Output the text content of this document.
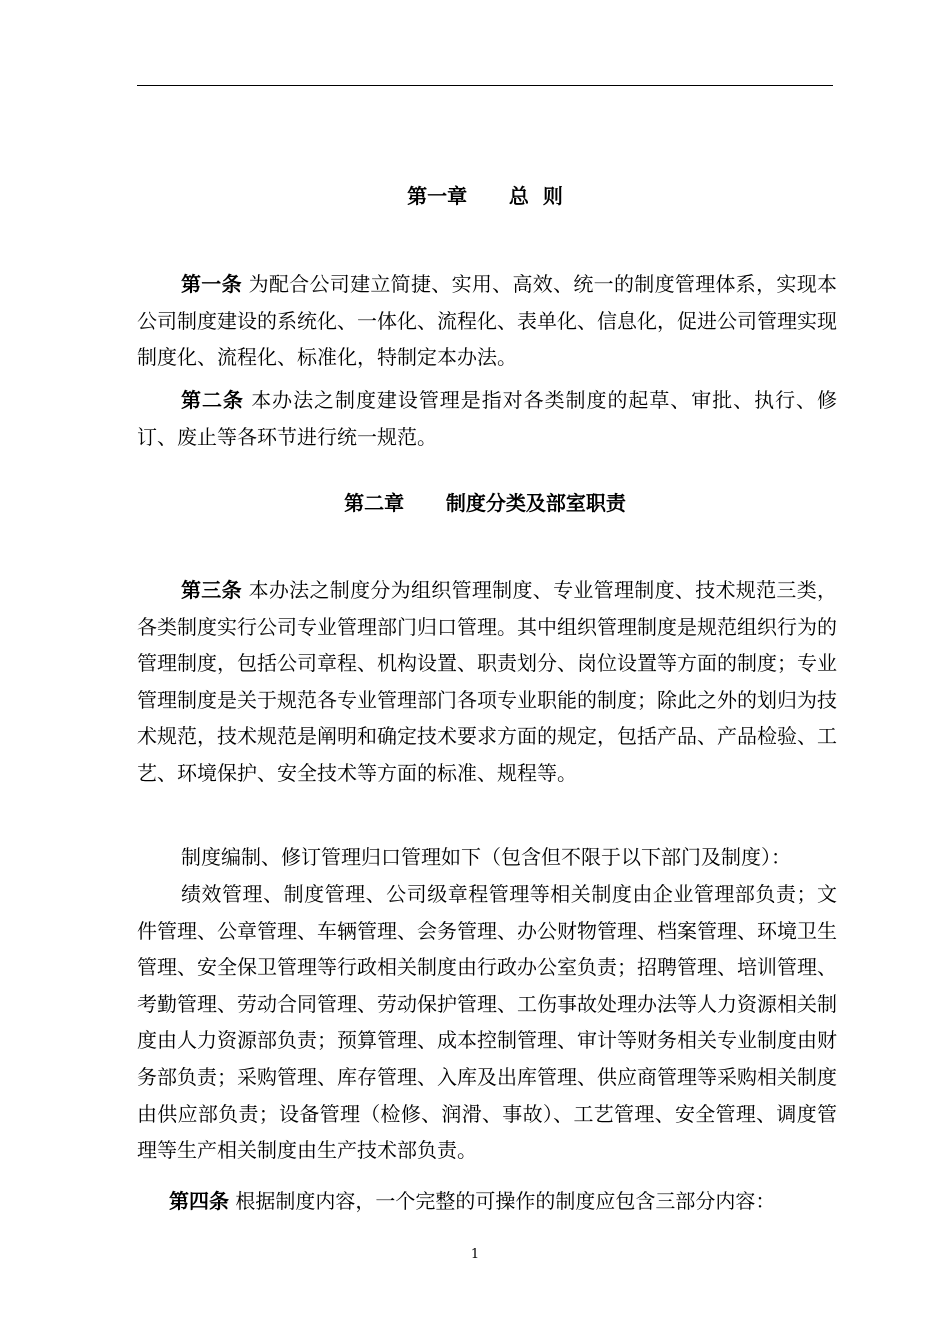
第一章      总  则

第一条 为配合公司建立简捷、实用、高效、统一的制度管理体系，实现本公司制度建设的系统化、一体化、流程化、表单化、信息化，促进公司管理实现制度化、流程化、标准化，特制定本办法。

第二条 本办法之制度建设管理是指对各类制度的起草、审批、执行、修订、废止等各环节进行统一规范。

第二章      制度分类及部室职责

第三条 本办法之制度分为组织管理制度、专业管理制度、技术规范三类，各类制度实行公司专业管理部门归口管理。其中组织管理制度是规范组织行为的管理制度，包括公司章程、机构设置、职责划分、岗位设置等方面的制度；专业管理制度是关于规范各专业管理部门各项专业职能的制度；除此之外的划归为技术规范，技术规范是阐明和确定技术要求方面的规定，包括产品、产品检验、工艺、环境保护、安全技术等方面的标准、规程等。

制度编制、修订管理归口管理如下（包含但不限于以下部门及制度）：

绩效管理、制度管理、公司级章程管理等相关制度由企业管理部负责；文件管理、公章管理、车辆管理、会务管理、办公财物管理、档案管理、环境卫生管理、安全保卫管理等行政相关制度由行政办公室负责；招聘管理、培训管理、考勤管理、劳动合同管理、劳动保护管理、工伤事故处理办法等人力资源相关制度由人力资源部负责；预算管理、成本控制管理、审计等财务相关专业制度由财务部负责；采购管理、库存管理、入库及出库管理、供应商管理等采购相关制度由供应部负责；设备管理（检修、润滑、事故）、工艺管理、安全管理、调度管理等生产相关制度由生产技术部负责。

第四条 根据制度内容，一个完整的可操作的制度应包含三部分内容：

1
